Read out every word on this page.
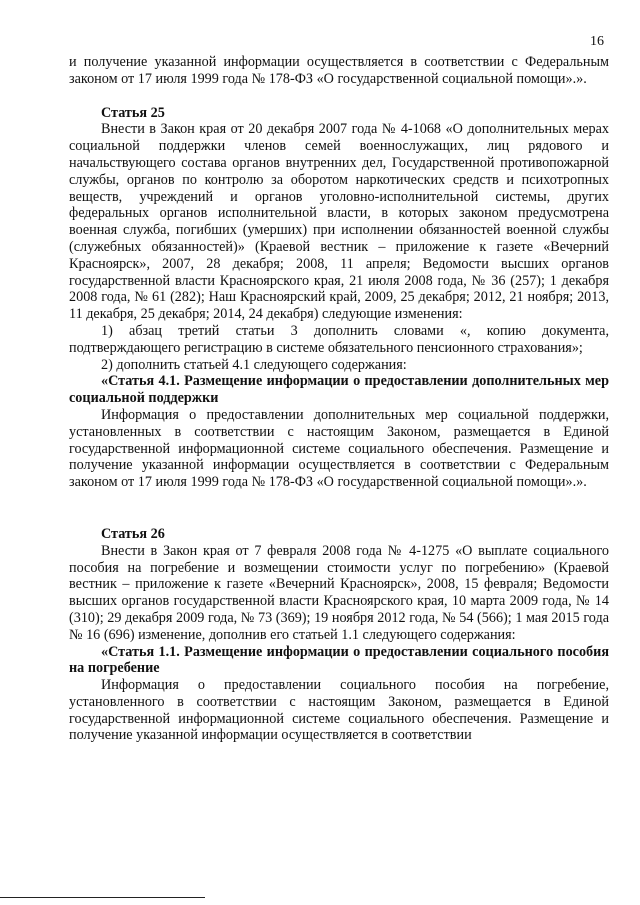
16

и получение указанной информации осуществляется в соответствии с Федеральным законом от 17 июля 1999 года № 178-ФЗ «О государственной социальной помощи».».

Статья 25

Внести в Закон края от 20 декабря 2007 года № 4-1068 «О дополнительных мерах социальной поддержки членов семей военнослужащих, лиц рядового и начальствующего состава органов внутренних дел, Государственной противопожарной службы, органов по контролю за оборотом наркотических средств и психотропных веществ, учреждений и органов уголовно-исполнительной системы, других федеральных органов исполнительной власти, в которых законом предусмотрена военная служба, погибших (умерших) при исполнении обязанностей военной службы (служебных обязанностей)» (Краевой вестник – приложение к газете «Вечерний Красноярск», 2007, 28 декабря; 2008, 11 апреля; Ведомости высших органов государственной власти Красноярского края, 21 июля 2008 года, № 36 (257); 1 декабря 2008 года, № 61 (282); Наш Красноярский край, 2009, 25 декабря; 2012, 21 ноября; 2013, 11 декабря, 25 декабря; 2014, 24 декабря) следующие изменения:

1) абзац третий статьи 3 дополнить словами «, копию документа, подтверждающего регистрацию в системе обязательного пенсионного страхования»;

2) дополнить статьей 4.1 следующего содержания:

«Статья 4.1. Размещение информации о предоставлении дополнительных мер социальной поддержки

Информация о предоставлении дополнительных мер социальной поддержки, установленных в соответствии с настоящим Законом, размещается в Единой государственной информационной системе социального обеспечения. Размещение и получение указанной информации осуществляется в соответствии с Федеральным законом от 17 июля 1999 года № 178-ФЗ «О государственной социальной помощи».».

Статья 26

Внести в Закон края от 7 февраля 2008 года № 4-1275 «О выплате социального пособия на погребение и возмещении стоимости услуг по погребению» (Краевой вестник – приложение к газете «Вечерний Красноярск», 2008, 15 февраля; Ведомости высших органов государственной власти Красноярского края, 10 марта 2009 года, № 14 (310); 29 декабря 2009 года, № 73 (369); 19 ноября 2012 года, № 54 (566); 1 мая 2015 года № 16 (696) изменение, дополнив его статьей 1.1 следующего содержания:

«Статья 1.1. Размещение информации о предоставлении социального пособия на погребение

Информация о предоставлении социального пособия на погребение, установленного в соответствии с настоящим Законом, размещается в Единой государственной информационной системе социального обеспечения. Размещение и получение указанной информации осуществляется в соответствии
